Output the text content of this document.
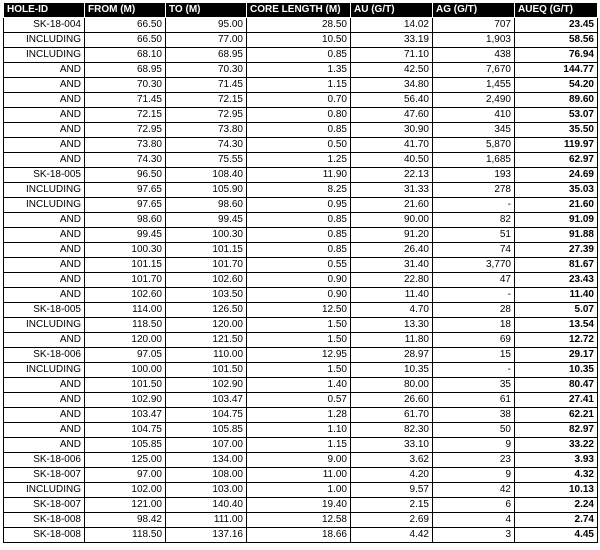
HOLE-ID	FROM (M)	TO (M)	CORE LENGTH (M)	AU (G/T)	AG (G/T)	AUEQ (G/T)
SK-18-004	66.50	95.00	28.50	14.02	707	23.45
INCLUDING	66.50	77.00	10.50	33.19	1,903	58.56
INCLUDING	68.10	68.95	0.85	71.10	438	76.94
AND	68.95	70.30	1.35	42.50	7,670	144.77
AND	70.30	71.45	1.15	34.80	1,455	54.20
AND	71.45	72.15	0.70	56.40	2,490	89.60
AND	72.15	72.95	0.80	47.60	410	53.07
AND	72.95	73.80	0.85	30.90	345	35.50
AND	73.80	74.30	0.50	41.70	5,870	119.97
AND	74.30	75.55	1.25	40.50	1,685	62.97
SK-18-005	96.50	108.40	11.90	22.13	193	24.69
INCLUDING	97.65	105.90	8.25	31.33	278	35.03
INCLUDING	97.65	98.60	0.95	21.60	-	21.60
AND	98.60	99.45	0.85	90.00	82	91.09
AND	99.45	100.30	0.85	91.20	51	91.88
AND	100.30	101.15	0.85	26.40	74	27.39
AND	101.15	101.70	0.55	31.40	3,770	81.67
AND	101.70	102.60	0.90	22.80	47	23.43
AND	102.60	103.50	0.90	11.40	-	11.40
SK-18-005	114.00	126.50	12.50	4.70	28	5.07
INCLUDING	118.50	120.00	1.50	13.30	18	13.54
AND	120.00	121.50	1.50	11.80	69	12.72
SK-18-006	97.05	110.00	12.95	28.97	15	29.17
INCLUDING	100.00	101.50	1.50	10.35	-	10.35
AND	101.50	102.90	1.40	80.00	35	80.47
AND	102.90	103.47	0.57	26.60	61	27.41
AND	103.47	104.75	1.28	61.70	38	62.21
AND	104.75	105.85	1.10	82.30	50	82.97
AND	105.85	107.00	1.15	33.10	9	33.22
SK-18-006	125.00	134.00	9.00	3.62	23	3.93
SK-18-007	97.00	108.00	11.00	4.20	9	4.32
INCLUDING	102.00	103.00	1.00	9.57	42	10.13
SK-18-007	121.00	140.40	19.40	2.15	6	2.24
SK-18-008	98.42	111.00	12.58	2.69	4	2.74
SK-18-008	118.50	137.16	18.66	4.42	3	4.45
